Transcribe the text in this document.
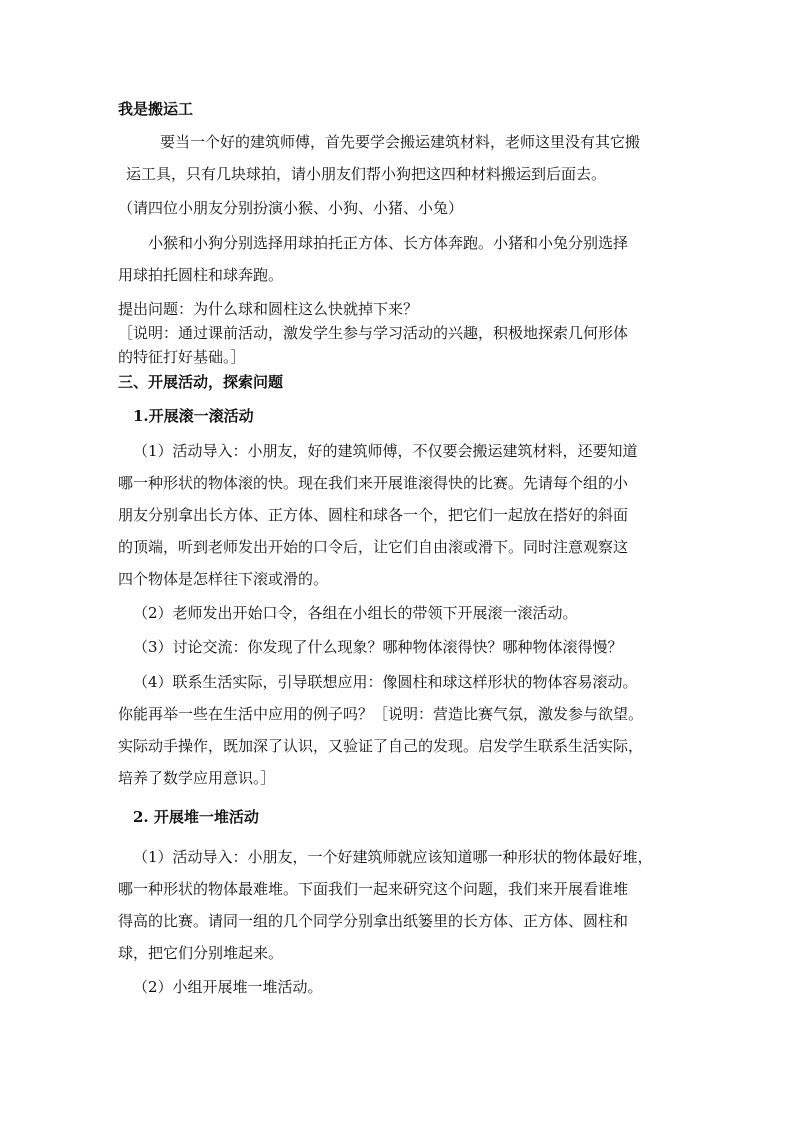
我是搬运工
要当一个好的建筑师傅，首先要学会搬运建筑材料，老师这里没有其它搬
运工具，只有几块球拍，请小朋友们帮小狗把这四种材料搬运到后面去。
（请四位小朋友分别扮演小猴、小狗、小猪、小兔）
小猴和小狗分别选择用球拍托正方体、长方体奔跑。小猪和小兔分别选择
用球拍托圆柱和球奔跑。
提出问题：为什么球和圆柱这么快就掉下来？
［说明：通过课前活动，激发学生参与学习活动的兴趣，积极地探索几何形体
的特征打好基础。］
三、开展活动，探索问题
1.开展滚一滚活动
（1）活动导入：小朋友，好的建筑师傅，不仅要会搬运建筑材料，还要知道
哪一种形状的物体滚的快。现在我们来开展谁滚得快的比赛。先请每个组的小
朋友分别拿出长方体、正方体、圆柱和球各一个，把它们一起放在搭好的斜面
的顶端，听到老师发出开始的口令后，让它们自由滚或滑下。同时注意观察这
四个物体是怎样往下滚或滑的。
（2）老师发出开始口令，各组在小组长的带领下开展滚一滚活动。
（3）讨论交流：你发现了什么现象？哪种物体滚得快？哪种物体滚得慢？
（4）联系生活实际，引导联想应用：像圆柱和球这样形状的物体容易滚动。
你能再举一些在生活中应用的例子吗？［说明：营造比赛气氛，激发参与欲望。
实际动手操作，既加深了认识，又验证了自己的发现。启发学生联系生活实际，
培养了数学应用意识。］
2. 开展堆一堆活动
（1）活动导入：小朋友，一个好建筑师就应该知道哪一种形状的物体最好堆，
哪一种形状的物体最难堆。下面我们一起来研究这个问题，我们来开展看谁堆
得高的比赛。请同一组的几个同学分别拿出纸篓里的长方体、正方体、圆柱和
球，把它们分别堆起来。
（2）小组开展堆一堆活动。
